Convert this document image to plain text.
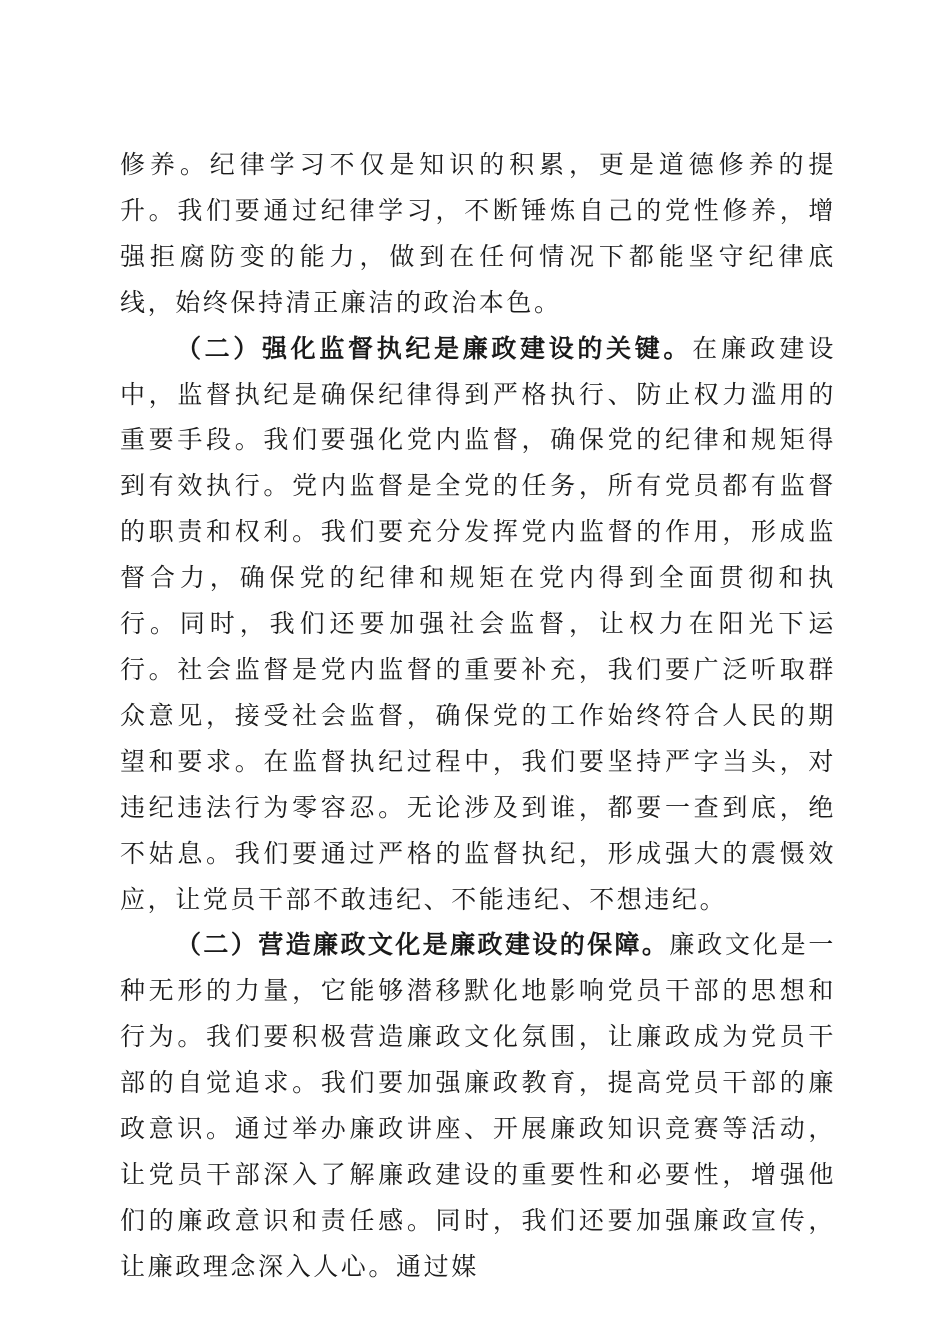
修养。纪律学习不仅是知识的积累，更是道德修养的提升。我们要通过纪律学习，不断锤炼自己的党性修养，增强拒腐防变的能力，做到在任何情况下都能坚守纪律底线，始终保持清正廉洁的政治本色。

（二）强化监督执纪是廉政建设的关键。在廉政建设中，监督执纪是确保纪律得到严格执行、防止权力滥用的重要手段。我们要强化党内监督，确保党的纪律和规矩得到有效执行。党内监督是全党的任务，所有党员都有监督的职责和权利。我们要充分发挥党内监督的作用，形成监督合力，确保党的纪律和规矩在党内得到全面贯彻和执行。同时，我们还要加强社会监督，让权力在阳光下运行。社会监督是党内监督的重要补充，我们要广泛听取群众意见，接受社会监督，确保党的工作始终符合人民的期望和要求。在监督执纪过程中，我们要坚持严字当头，对违纪违法行为零容忍。无论涉及到谁，都要一查到底，绝不姑息。我们要通过严格的监督执纪，形成强大的震慑效应，让党员干部不敢违纪、不能违纪、不想违纪。

（二）营造廉政文化是廉政建设的保障。廉政文化是一种无形的力量，它能够潜移默化地影响党员干部的思想和行为。我们要积极营造廉政文化氛围，让廉政成为党员干部的自觉追求。我们要加强廉政教育，提高党员干部的廉政意识。通过举办廉政讲座、开展廉政知识竞赛等活动，让党员干部深入了解廉政建设的重要性和必要性，增强他们的廉政意识和责任感。同时，我们还要加强廉政宣传，让廉政理念深入人心。通过媒
